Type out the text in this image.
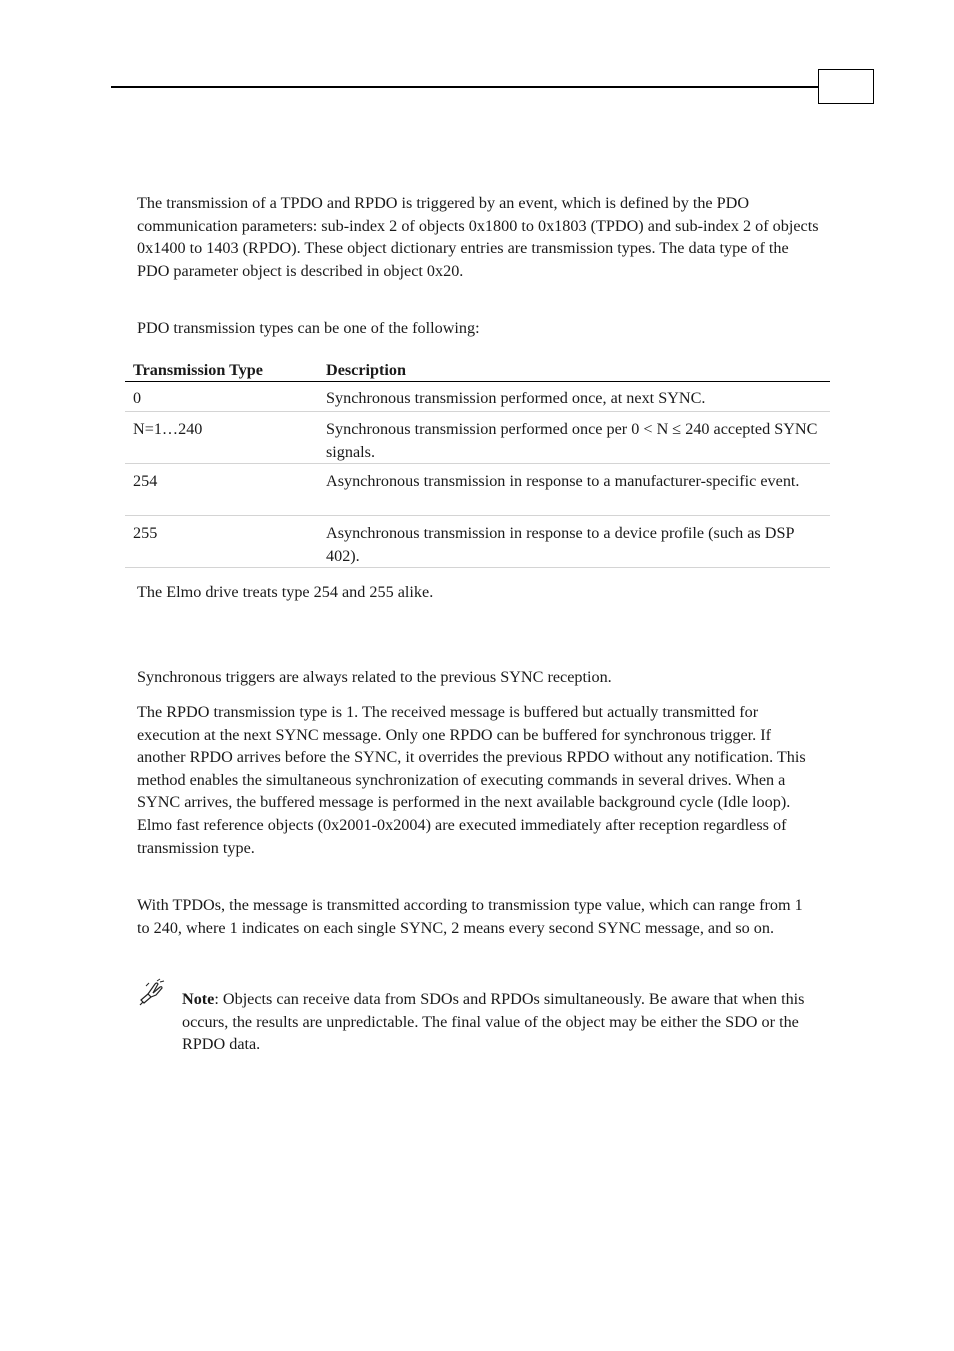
The transmission of a TPDO and RPDO is triggered by an event, which is defined by the PDO communication parameters: sub-index 2 of objects 0x1800 to 0x1803 (TPDO) and sub-index 2 of objects 0x1400 to 1403 (RPDO). These object dictionary entries are transmission types. The data type of the PDO parameter object is described in object 0x20.

PDO transmission types can be one of the following:

Transmission Type	Description
0	Synchronous transmission performed once, at next SYNC.
N=1…240	Synchronous transmission performed once per 0 < N ≤ 240 accepted SYNC signals.
254	Asynchronous transmission in response to a manufacturer-specific event.
255	Asynchronous transmission in response to a device profile (such as DSP 402).

The Elmo drive treats type 254 and 255 alike.

Synchronous triggers are always related to the previous SYNC reception.

The RPDO transmission type is 1. The received message is buffered but actually transmitted for execution at the next SYNC message. Only one RPDO can be buffered for synchronous trigger. If another RPDO arrives before the SYNC, it overrides the previous RPDO without any notification. This method enables the simultaneous synchronization of executing commands in several drives. When a SYNC arrives, the buffered message is performed in the next available background cycle (Idle loop). Elmo fast reference objects (0x2001-0x2004) are executed immediately after reception regardless of transmission type.

With TPDOs, the message is transmitted according to transmission type value, which can range from 1 to 240, where 1 indicates on each single SYNC, 2 means every second SYNC message, and so on.

Note: Objects can receive data from SDOs and RPDOs simultaneously. Be aware that when this occurs, the results are unpredictable. The final value of the object may be either the SDO or the RPDO data.
